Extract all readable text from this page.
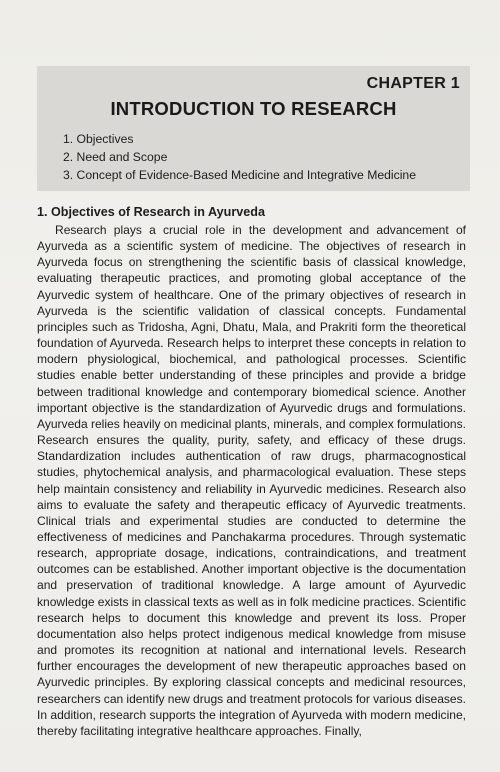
CHAPTER 1
INTRODUCTION TO RESEARCH
1. Objectives
2. Need and Scope
3. Concept of Evidence-Based Medicine and Integrative Medicine
1. Objectives of Research in Ayurveda

Research plays a crucial role in the development and advancement of Ayurveda as a scientific system of medicine. The objectives of research in Ayurveda focus on strengthening the scientific basis of classical knowledge, evaluating therapeutic practices, and promoting global acceptance of the Ayurvedic system of healthcare. One of the primary objectives of research in Ayurveda is the scientific validation of classical concepts. Fundamental principles such as Tridosha, Agni, Dhatu, Mala, and Prakriti form the theoretical foundation of Ayurveda. Research helps to interpret these concepts in relation to modern physiological, biochemical, and pathological processes. Scientific studies enable better understanding of these principles and provide a bridge between traditional knowledge and contemporary biomedical science. Another important objective is the standardization of Ayurvedic drugs and formulations. Ayurveda relies heavily on medicinal plants, minerals, and complex formulations. Research ensures the quality, purity, safety, and efficacy of these drugs. Standardization includes authentication of raw drugs, pharmacognostical studies, phytochemical analysis, and pharmacological evaluation. These steps help maintain consistency and reliability in Ayurvedic medicines. Research also aims to evaluate the safety and therapeutic efficacy of Ayurvedic treatments. Clinical trials and experimental studies are conducted to determine the effectiveness of medicines and Panchakarma procedures. Through systematic research, appropriate dosage, indications, contraindications, and treatment outcomes can be established. Another important objective is the documentation and preservation of traditional knowledge. A large amount of Ayurvedic knowledge exists in classical texts as well as in folk medicine practices. Scientific research helps to document this knowledge and prevent its loss. Proper documentation also helps protect indigenous medical knowledge from misuse and promotes its recognition at national and international levels. Research further encourages the development of new therapeutic approaches based on Ayurvedic principles. By exploring classical concepts and medicinal resources, researchers can identify new drugs and treatment protocols for various diseases. In addition, research supports the integration of Ayurveda with modern medicine, thereby facilitating integrative healthcare approaches. Finally,
